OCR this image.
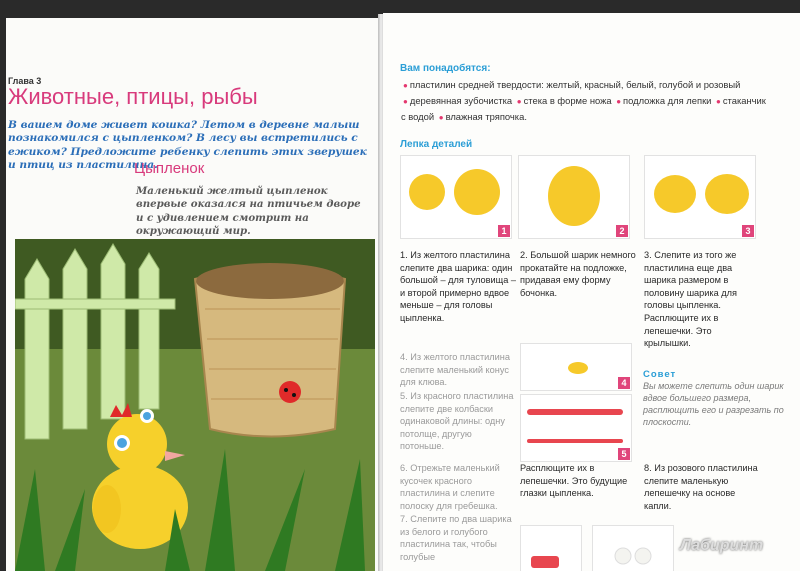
Глава 3
Животные, птицы, рыбы
В вашем доме живет кошка? Летом в деревне малыш познакомился с цыпленком? В лесу вы встретились с ежиком? Предложите ребенку слепить этих зверушек и птиц из пластилина.
Цыпленок
Маленький желтый цыпленок впервые оказался на птичьем дворе и с удивлением смотрит на окружающий мир.
Вам понадобятся:
● пластилин средней твердости: желтый, красный, белый, голубой и розовый ● деревянная зубочистка ● стека в форме ножа ● подложка для лепки ● стаканчик с водой ● влажная тряпочка.
Лепка деталей
1	2	3
1. Из желтого пластилина слепите два шарика: один большой – для туловища – и второй примерно вдвое меньше – для головы цыпленка.
2. Большой шарик немного прокатайте на подложке, придавая ему форму бочонка.
3. Слепите из того же пластилина еще два шарика размером в половину шарика для головы цыпленка. Расплющите их в лепешечки. Это крылышки.
4. Из желтого пластилина слепите маленький конус для клюва.
5. Из красного пластилина слепите две колбаски одинаковой длины: одну потолще, другую потоньше.
6. Отрежьте маленький кусочек красного пластилина и слепите полоску для гребешка.
7. Слепите по два шарика из белого и голубого пластилина так, чтобы голубые
4
5
Совет
Вы можете слепить один шарик вдвое большего размера, расплющить его и разрезать по плоскости.
Расплющите их в лепешечки. Это будущие глазки цыпленка.
8. Из розового пластилина слепите маленькую лепешечку на основе капли.
Лабиринт
